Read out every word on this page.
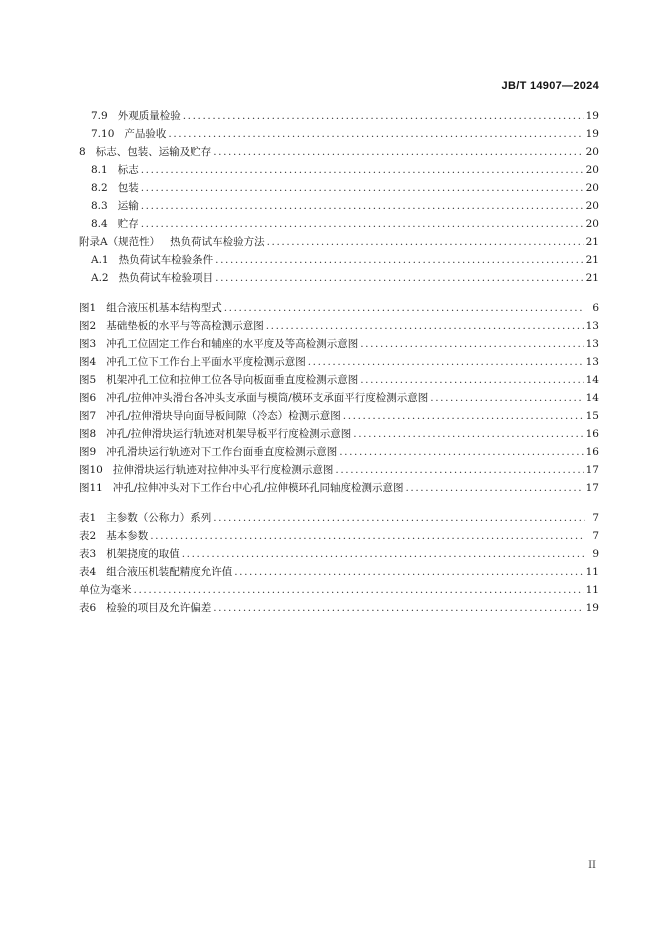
JB/T 14907—2024
7.9 外观质量检验 .....	19
7.10 产品验收 .....	19
8 标志、包装、运输及贮存 .....	20
8.1 标志 .....	20
8.2 包装 .....	20
8.3 运输 .....	20
8.4 贮存 .....	20
附录A（规范性） 热负荷试车检验方法 .....	21
A.1 热负荷试车检验条件 .....	21
A.2 热负荷试车检验项目 .....	21
图1 组合液压机基本结构型式 .....	6
图2 基础垫板的水平与等高检测示意图 .....	13
图3 冲孔工位固定工作台和辅座的水平度及等高检测示意图 .....	13
图4 冲孔工位下工作台上平面水平度检测示意图 .....	13
图5 机架冲孔工位和拉伸工位各导向板面垂直度检测示意图 .....	14
图6 冲孔/拉伸冲头滑台各冲头支承面与模筒/模环支承面平行度检测示意图 .....	14
图7 冲孔/拉伸滑块导向面导板间隙（冷态）检测示意图 .....	15
图8 冲孔/拉伸滑块运行轨迹对机架导板平行度检测示意图 .....	16
图9 冲孔滑块运行轨迹对下工作台面垂直度检测示意图 .....	16
图10 拉伸滑块运行轨迹对拉伸冲头平行度检测示意图 .....	17
图11 冲孔/拉伸冲头对下工作台中心孔/拉伸模环孔同轴度检测示意图 .....	17
表1 主参数（公称力）系列 .....	7
表2 基本参数 .....	7
表3 机架挠度的取值 .....	9
表4 组合液压机装配精度允许值 .....	11
单位为毫米 .....	11
表6 检验的项目及允许偏差 .....	19
II
